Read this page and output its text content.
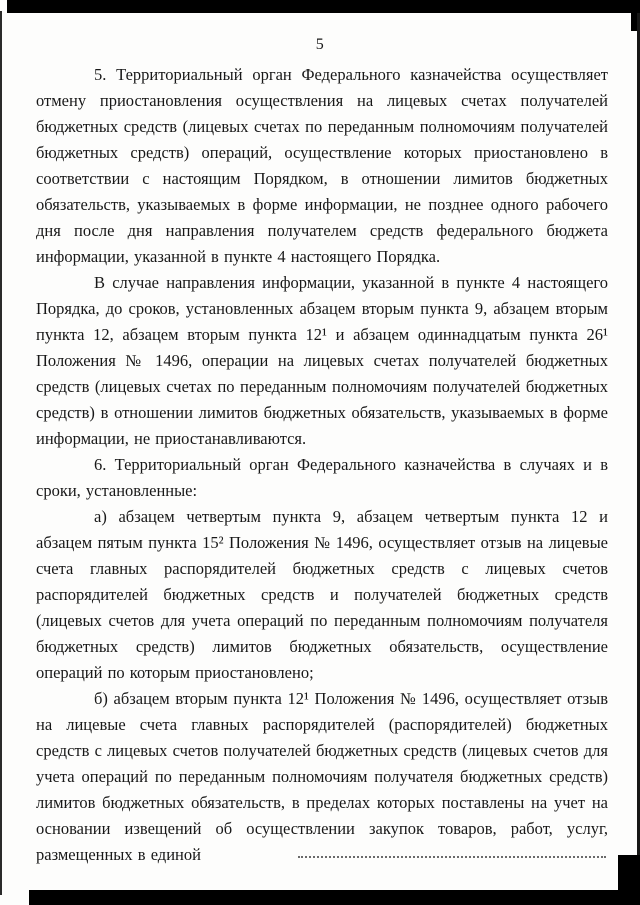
5

5. Территориальный орган Федерального казначейства осуществляет отмену приостановления осуществления на лицевых счетах получателей бюджетных средств (лицевых счетах по переданным полномочиям получателей бюджетных средств) операций, осуществление которых приостановлено в соответствии с настоящим Порядком, в отношении лимитов бюджетных обязательств, указываемых в форме информации, не позднее одного рабочего дня после дня направления получателем средств федерального бюджета информации, указанной в пункте 4 настоящего Порядка.

В случае направления информации, указанной в пункте 4 настоящего Порядка, до сроков, установленных абзацем вторым пункта 9, абзацем вторым пункта 12, абзацем вторым пункта 12¹ и абзацем одиннадцатым пункта 26¹ Положения № 1496, операции на лицевых счетах получателей бюджетных средств (лицевых счетах по переданным полномочиям получателей бюджетных средств) в отношении лимитов бюджетных обязательств, указываемых в форме информации, не приостанавливаются.

6. Территориальный орган Федерального казначейства в случаях и в сроки, установленные:

а) абзацем четвертым пункта 9, абзацем четвертым пункта 12 и абзацем пятым пункта 15² Положения № 1496, осуществляет отзыв на лицевые счета главных распорядителей бюджетных средств с лицевых счетов распорядителей бюджетных средств и получателей бюджетных средств (лицевых счетов для учета операций по переданным полномочиям получателя бюджетных средств) лимитов бюджетных обязательств, осуществление операций по которым приостановлено;

б) абзацем вторым пункта 12¹ Положения № 1496, осуществляет отзыв на лицевые счета главных распорядителей (распорядителей) бюджетных средств с лицевых счетов получателей бюджетных средств (лицевых счетов для учета операций по переданным полномочиям получателя бюджетных средств) лимитов бюджетных обязательств, в пределах которых поставлены на учет на основании извещений об осуществлении закупок товаров, работ, услуг, размещенных в единой
